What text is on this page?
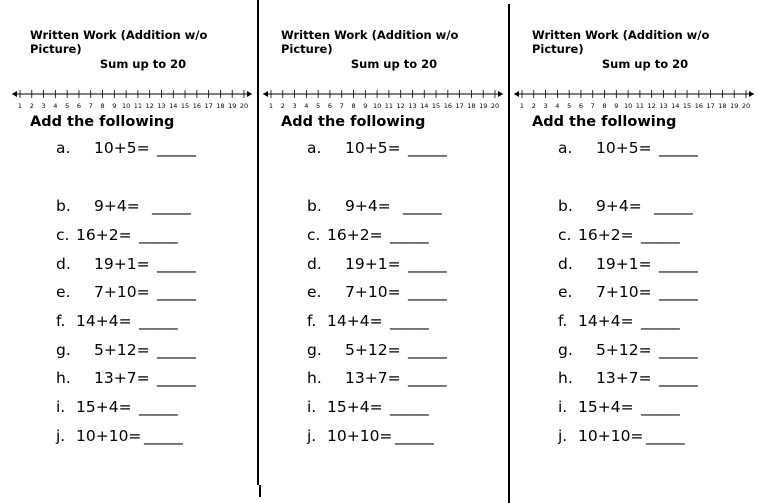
Written Work (Addition w/o Picture)
Sum up to 20
1 2 3 4 5 6 7 8 9 10 11 12 13 14 15 16 17 18 19 20
Add the following
a. 10+5= _____
b. 9+4= _____
c. 16+2= _____
d. 19+1= _____
e. 7+10= _____
f. 14+4= _____
g. 5+12= _____
h. 13+7= _____
i. 15+4= _____
j. 10+10= _____
Written Work (Addition w/o Picture)
Sum up to 20
1 2 3 4 5 6 7 8 9 10 11 12 13 14 15 16 17 18 19 20
Add the following
a. 10+5= _____
b. 9+4= _____
c. 16+2= _____
d. 19+1= _____
e. 7+10= _____
f. 14+4= _____
g. 5+12= _____
h. 13+7= _____
i. 15+4= _____
j. 10+10= _____
Written Work (Addition w/o Picture)
Sum up to 20
1 2 3 4 5 6 7 8 9 10 11 12 13 14 15 16 17 18 19 20
Add the following
a. 10+5= _____
b. 9+4= _____
c. 16+2= _____
d. 19+1= _____
e. 7+10= _____
f. 14+4= _____
g. 5+12= _____
h. 13+7= _____
i. 15+4= _____
j. 10+10= _____
